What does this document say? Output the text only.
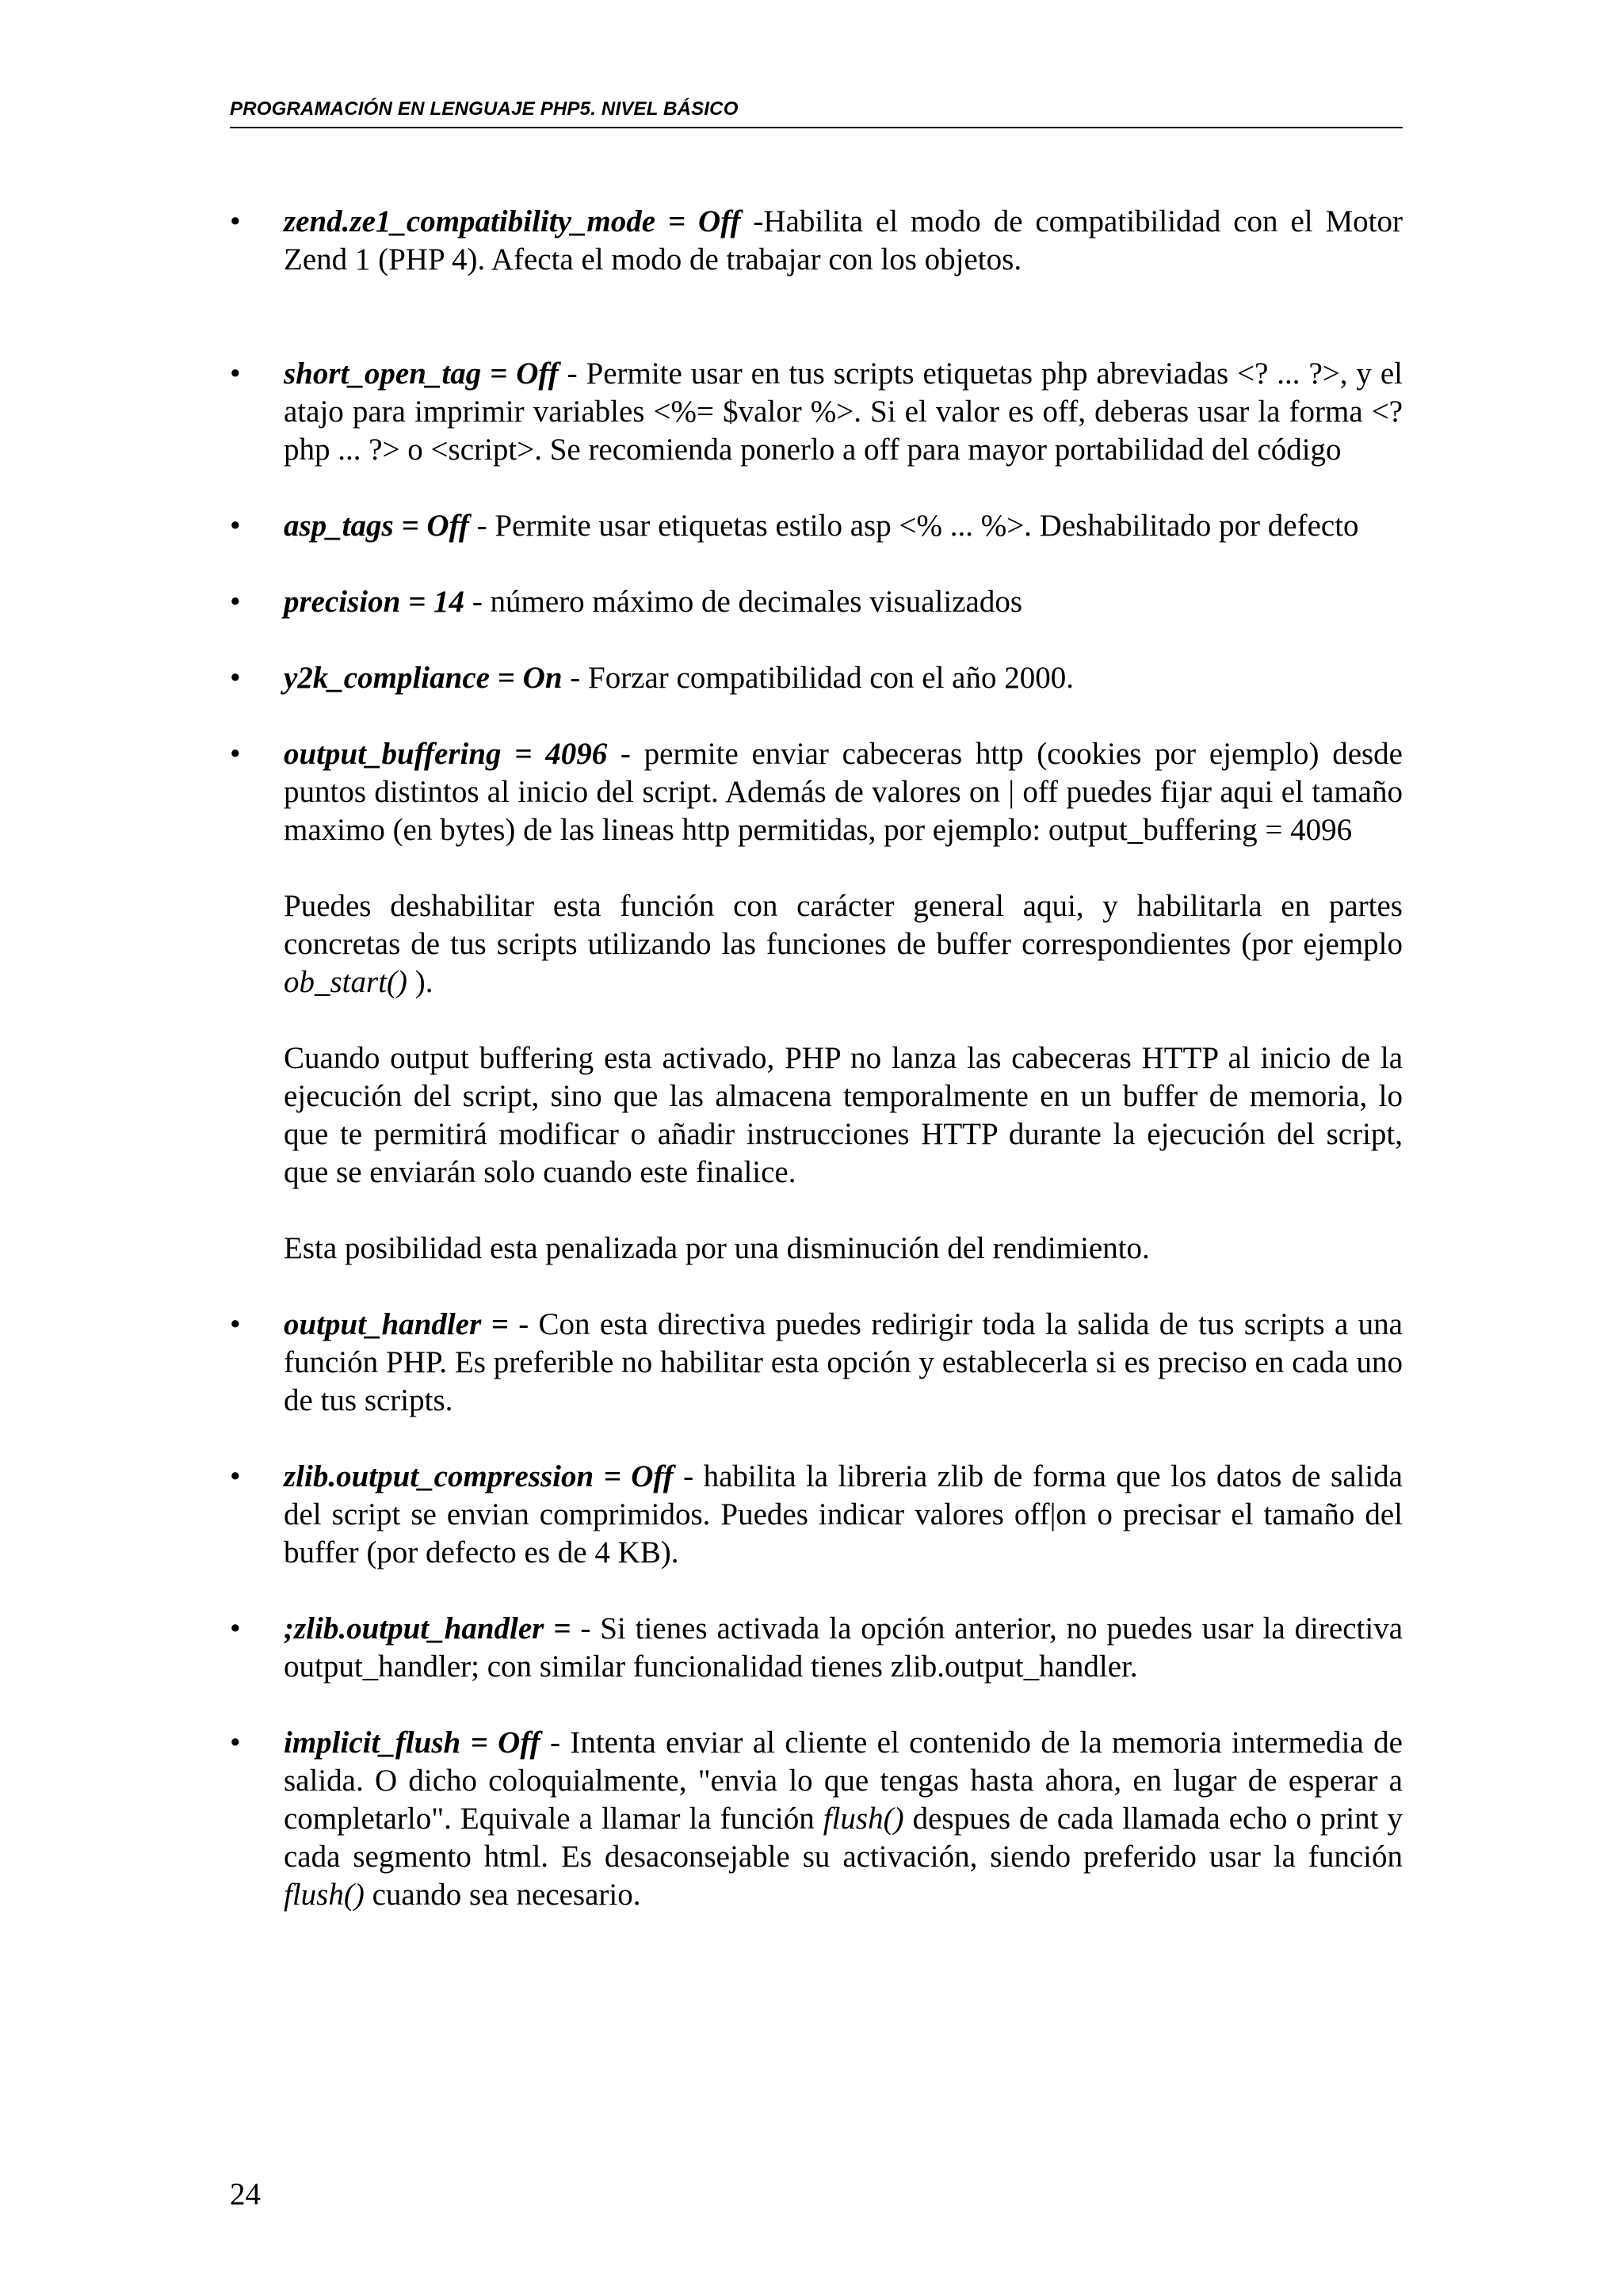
PROGRAMACIÓN EN LENGUAJE PHP5. NIVEL BÁSICO
•	zend.ze1_compatibility_mode = Off -Habilita el modo de compatibilidad con el Motor Zend 1 (PHP 4). Afecta el modo de trabajar con los objetos.

•	short_open_tag = Off - Permite usar en tus scripts etiquetas php abreviadas <? ... ?>, y el atajo para imprimir variables <%= $valor %>. Si el valor es off, deberas usar la forma <?php ... ?> o <script>. Se recomienda ponerlo a off para mayor portabilidad del código

•	asp_tags = Off - Permite usar etiquetas estilo asp <% ... %>. Deshabilitado por defecto

•	precision = 14 - número máximo de decimales visualizados

•	y2k_compliance = On - Forzar compatibilidad con el año 2000.

•	output_buffering = 4096 - permite enviar cabeceras http (cookies por ejemplo) desde puntos distintos al inicio del script. Además de valores on | off puedes fijar aqui el tamaño maximo (en bytes) de las lineas http permitidas, por ejemplo: output_buffering = 4096

Puedes deshabilitar esta función con carácter general aqui, y habilitarla en partes concretas de tus scripts utilizando las funciones de buffer correspondientes (por ejemplo ob_start() ).

Cuando output buffering esta activado, PHP no lanza las cabeceras HTTP al inicio de la ejecución del script, sino que las almacena temporalmente en un buffer de memoria, lo que te permitirá modificar o añadir instrucciones HTTP durante la ejecución del script, que se enviarán solo cuando este finalice.

Esta posibilidad esta penalizada por una disminución del rendimiento.

•	output_handler = - Con esta directiva puedes redirigir toda la salida de tus scripts a una función PHP. Es preferible no habilitar esta opción y establecerla si es preciso en cada uno de tus scripts.

•	zlib.output_compression = Off - habilita la libreria zlib de forma que los datos de salida del script se envian comprimidos. Puedes indicar valores off|on o precisar el tamaño del buffer (por defecto es de 4 KB).

•	;zlib.output_handler = - Si tienes activada la opción anterior, no puedes usar la directiva output_handler; con similar funcionalidad tienes zlib.output_handler.

•	implicit_flush = Off - Intenta enviar al cliente el contenido de la memoria intermedia de salida. O dicho coloquialmente, "envia lo que tengas hasta ahora, en lugar de esperar a completarlo". Equivale a llamar la función flush() despues de cada llamada echo o print y cada segmento html. Es desaconsejable su activación, siendo preferido usar la función flush() cuando sea necesario.

24
